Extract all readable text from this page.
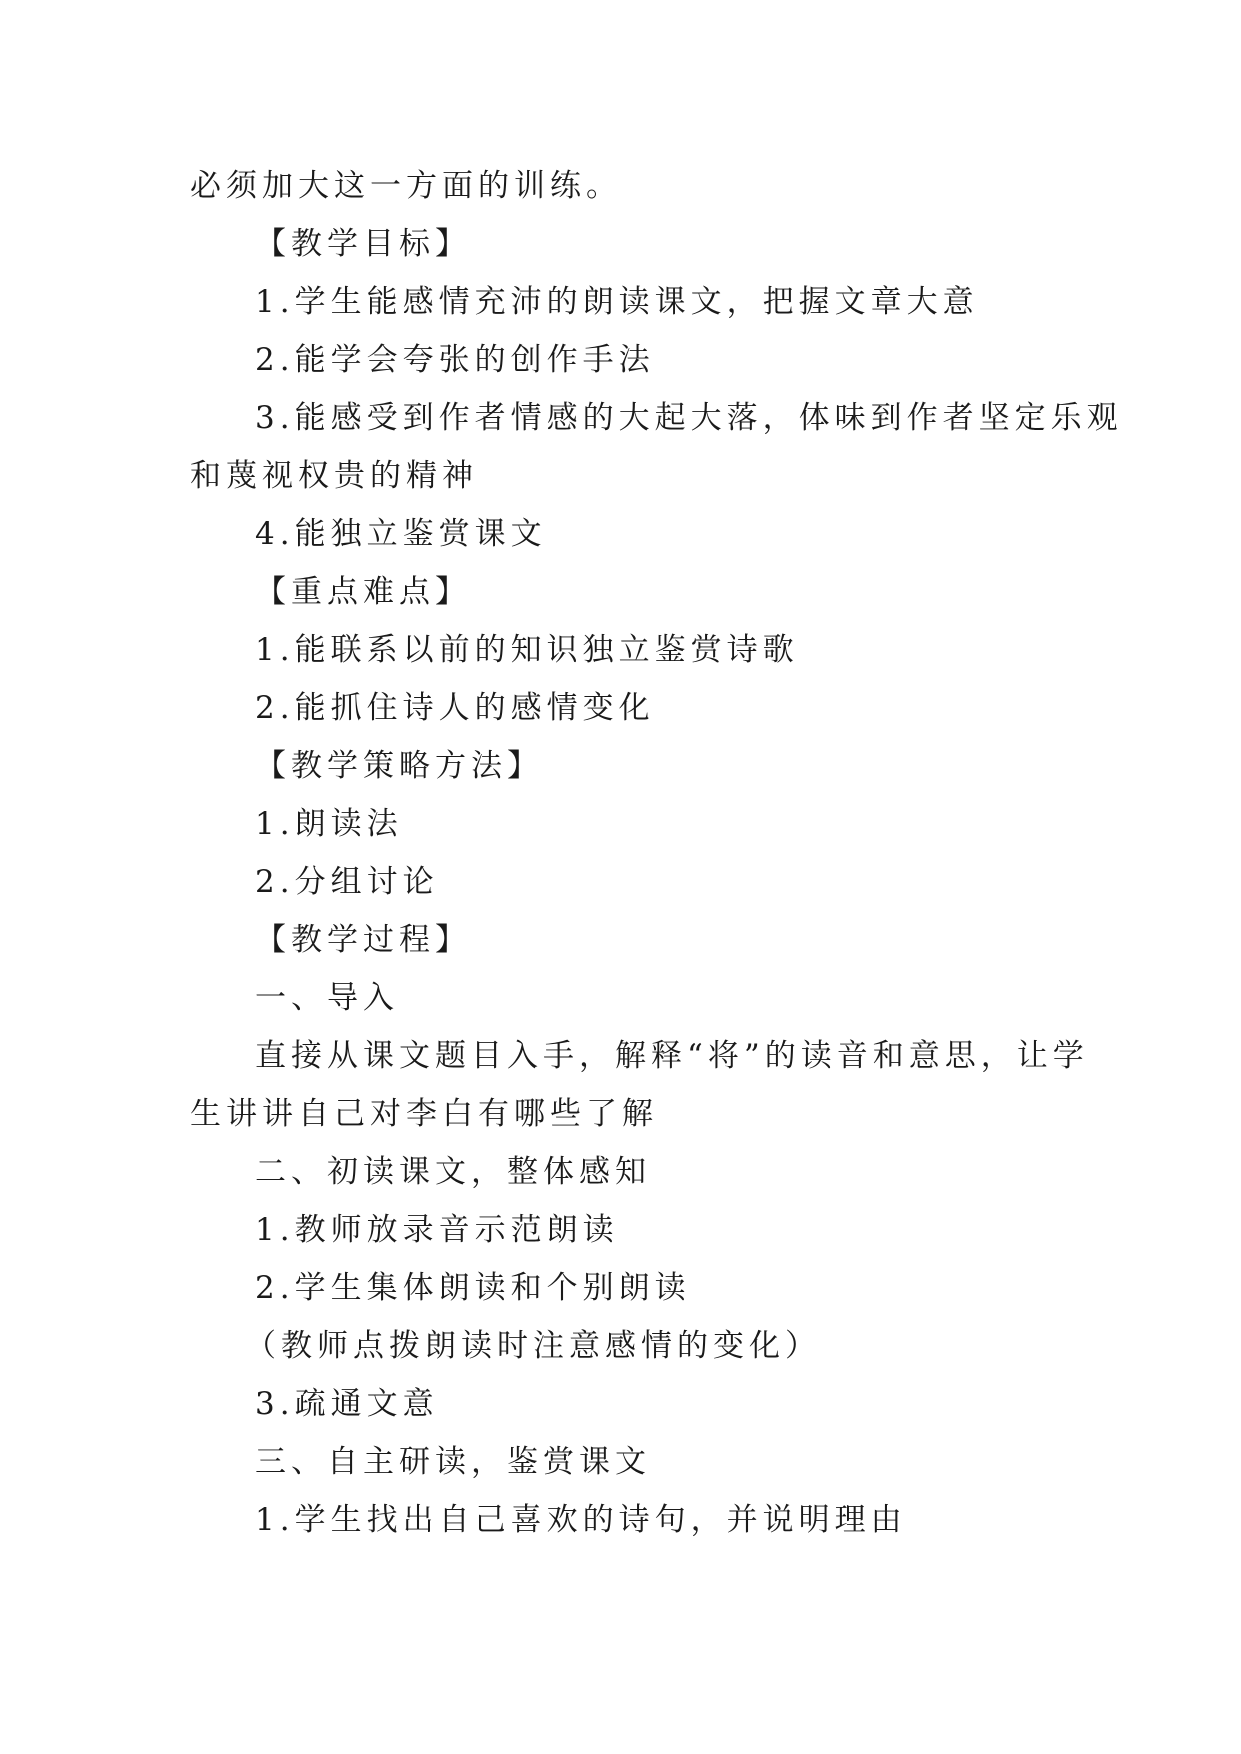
必须加大这一方面的训练。
【教学目标】
1.学生能感情充沛的朗读课文，把握文章大意
2.能学会夸张的创作手法
3.能感受到作者情感的大起大落，体味到作者坚定乐观
和蔑视权贵的精神
4.能独立鉴赏课文
【重点难点】
1.能联系以前的知识独立鉴赏诗歌
2.能抓住诗人的感情变化
【教学策略方法】
1.朗读法
2.分组讨论
【教学过程】
一、导入
直接从课文题目入手，解释“将”的读音和意思，让学
生讲讲自己对李白有哪些了解
二、初读课文，整体感知
1.教师放录音示范朗读
2.学生集体朗读和个别朗读
（教师点拨朗读时注意感情的变化）
3.疏通文意
三、自主研读，鉴赏课文
1.学生找出自己喜欢的诗句，并说明理由
